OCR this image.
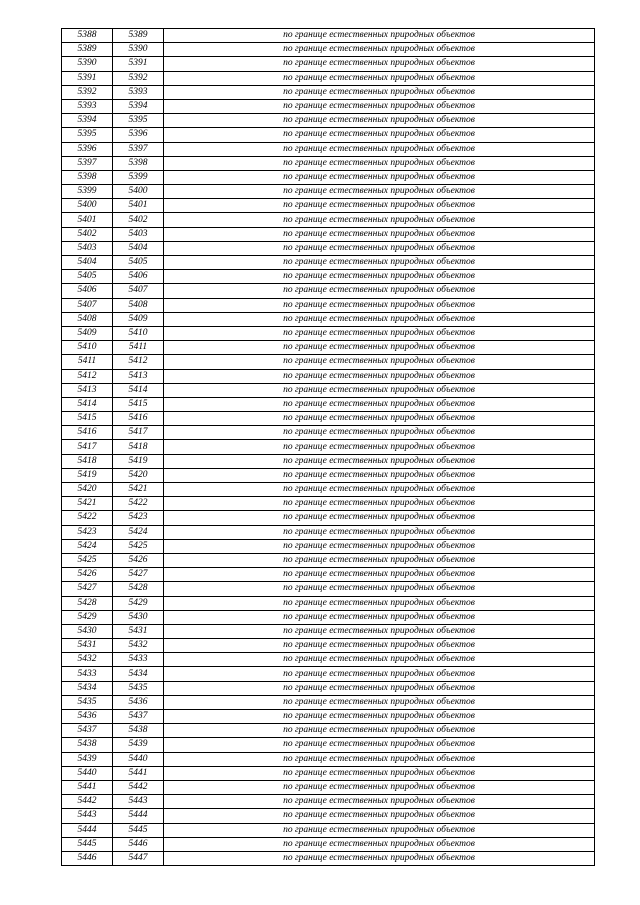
5388	5389	по границе естественных природных объектов
5389	5390	по границе естественных природных объектов
5390	5391	по границе естественных природных объектов
5391	5392	по границе естественных природных объектов
5392	5393	по границе естественных природных объектов
5393	5394	по границе естественных природных объектов
5394	5395	по границе естественных природных объектов
5395	5396	по границе естественных природных объектов
5396	5397	по границе естественных природных объектов
5397	5398	по границе естественных природных объектов
5398	5399	по границе естественных природных объектов
5399	5400	по границе естественных природных объектов
5400	5401	по границе естественных природных объектов
5401	5402	по границе естественных природных объектов
5402	5403	по границе естественных природных объектов
5403	5404	по границе естественных природных объектов
5404	5405	по границе естественных природных объектов
5405	5406	по границе естественных природных объектов
5406	5407	по границе естественных природных объектов
5407	5408	по границе естественных природных объектов
5408	5409	по границе естественных природных объектов
5409	5410	по границе естественных природных объектов
5410	5411	по границе естественных природных объектов
5411	5412	по границе естественных природных объектов
5412	5413	по границе естественных природных объектов
5413	5414	по границе естественных природных объектов
5414	5415	по границе естественных природных объектов
5415	5416	по границе естественных природных объектов
5416	5417	по границе естественных природных объектов
5417	5418	по границе естественных природных объектов
5418	5419	по границе естественных природных объектов
5419	5420	по границе естественных природных объектов
5420	5421	по границе естественных природных объектов
5421	5422	по границе естественных природных объектов
5422	5423	по границе естественных природных объектов
5423	5424	по границе естественных природных объектов
5424	5425	по границе естественных природных объектов
5425	5426	по границе естественных природных объектов
5426	5427	по границе естественных природных объектов
5427	5428	по границе естественных природных объектов
5428	5429	по границе естественных природных объектов
5429	5430	по границе естественных природных объектов
5430	5431	по границе естественных природных объектов
5431	5432	по границе естественных природных объектов
5432	5433	по границе естественных природных объектов
5433	5434	по границе естественных природных объектов
5434	5435	по границе естественных природных объектов
5435	5436	по границе естественных природных объектов
5436	5437	по границе естественных природных объектов
5437	5438	по границе естественных природных объектов
5438	5439	по границе естественных природных объектов
5439	5440	по границе естественных природных объектов
5440	5441	по границе естественных природных объектов
5441	5442	по границе естественных природных объектов
5442	5443	по границе естественных природных объектов
5443	5444	по границе естественных природных объектов
5444	5445	по границе естественных природных объектов
5445	5446	по границе естественных природных объектов
5446	5447	по границе естественных природных объектов
